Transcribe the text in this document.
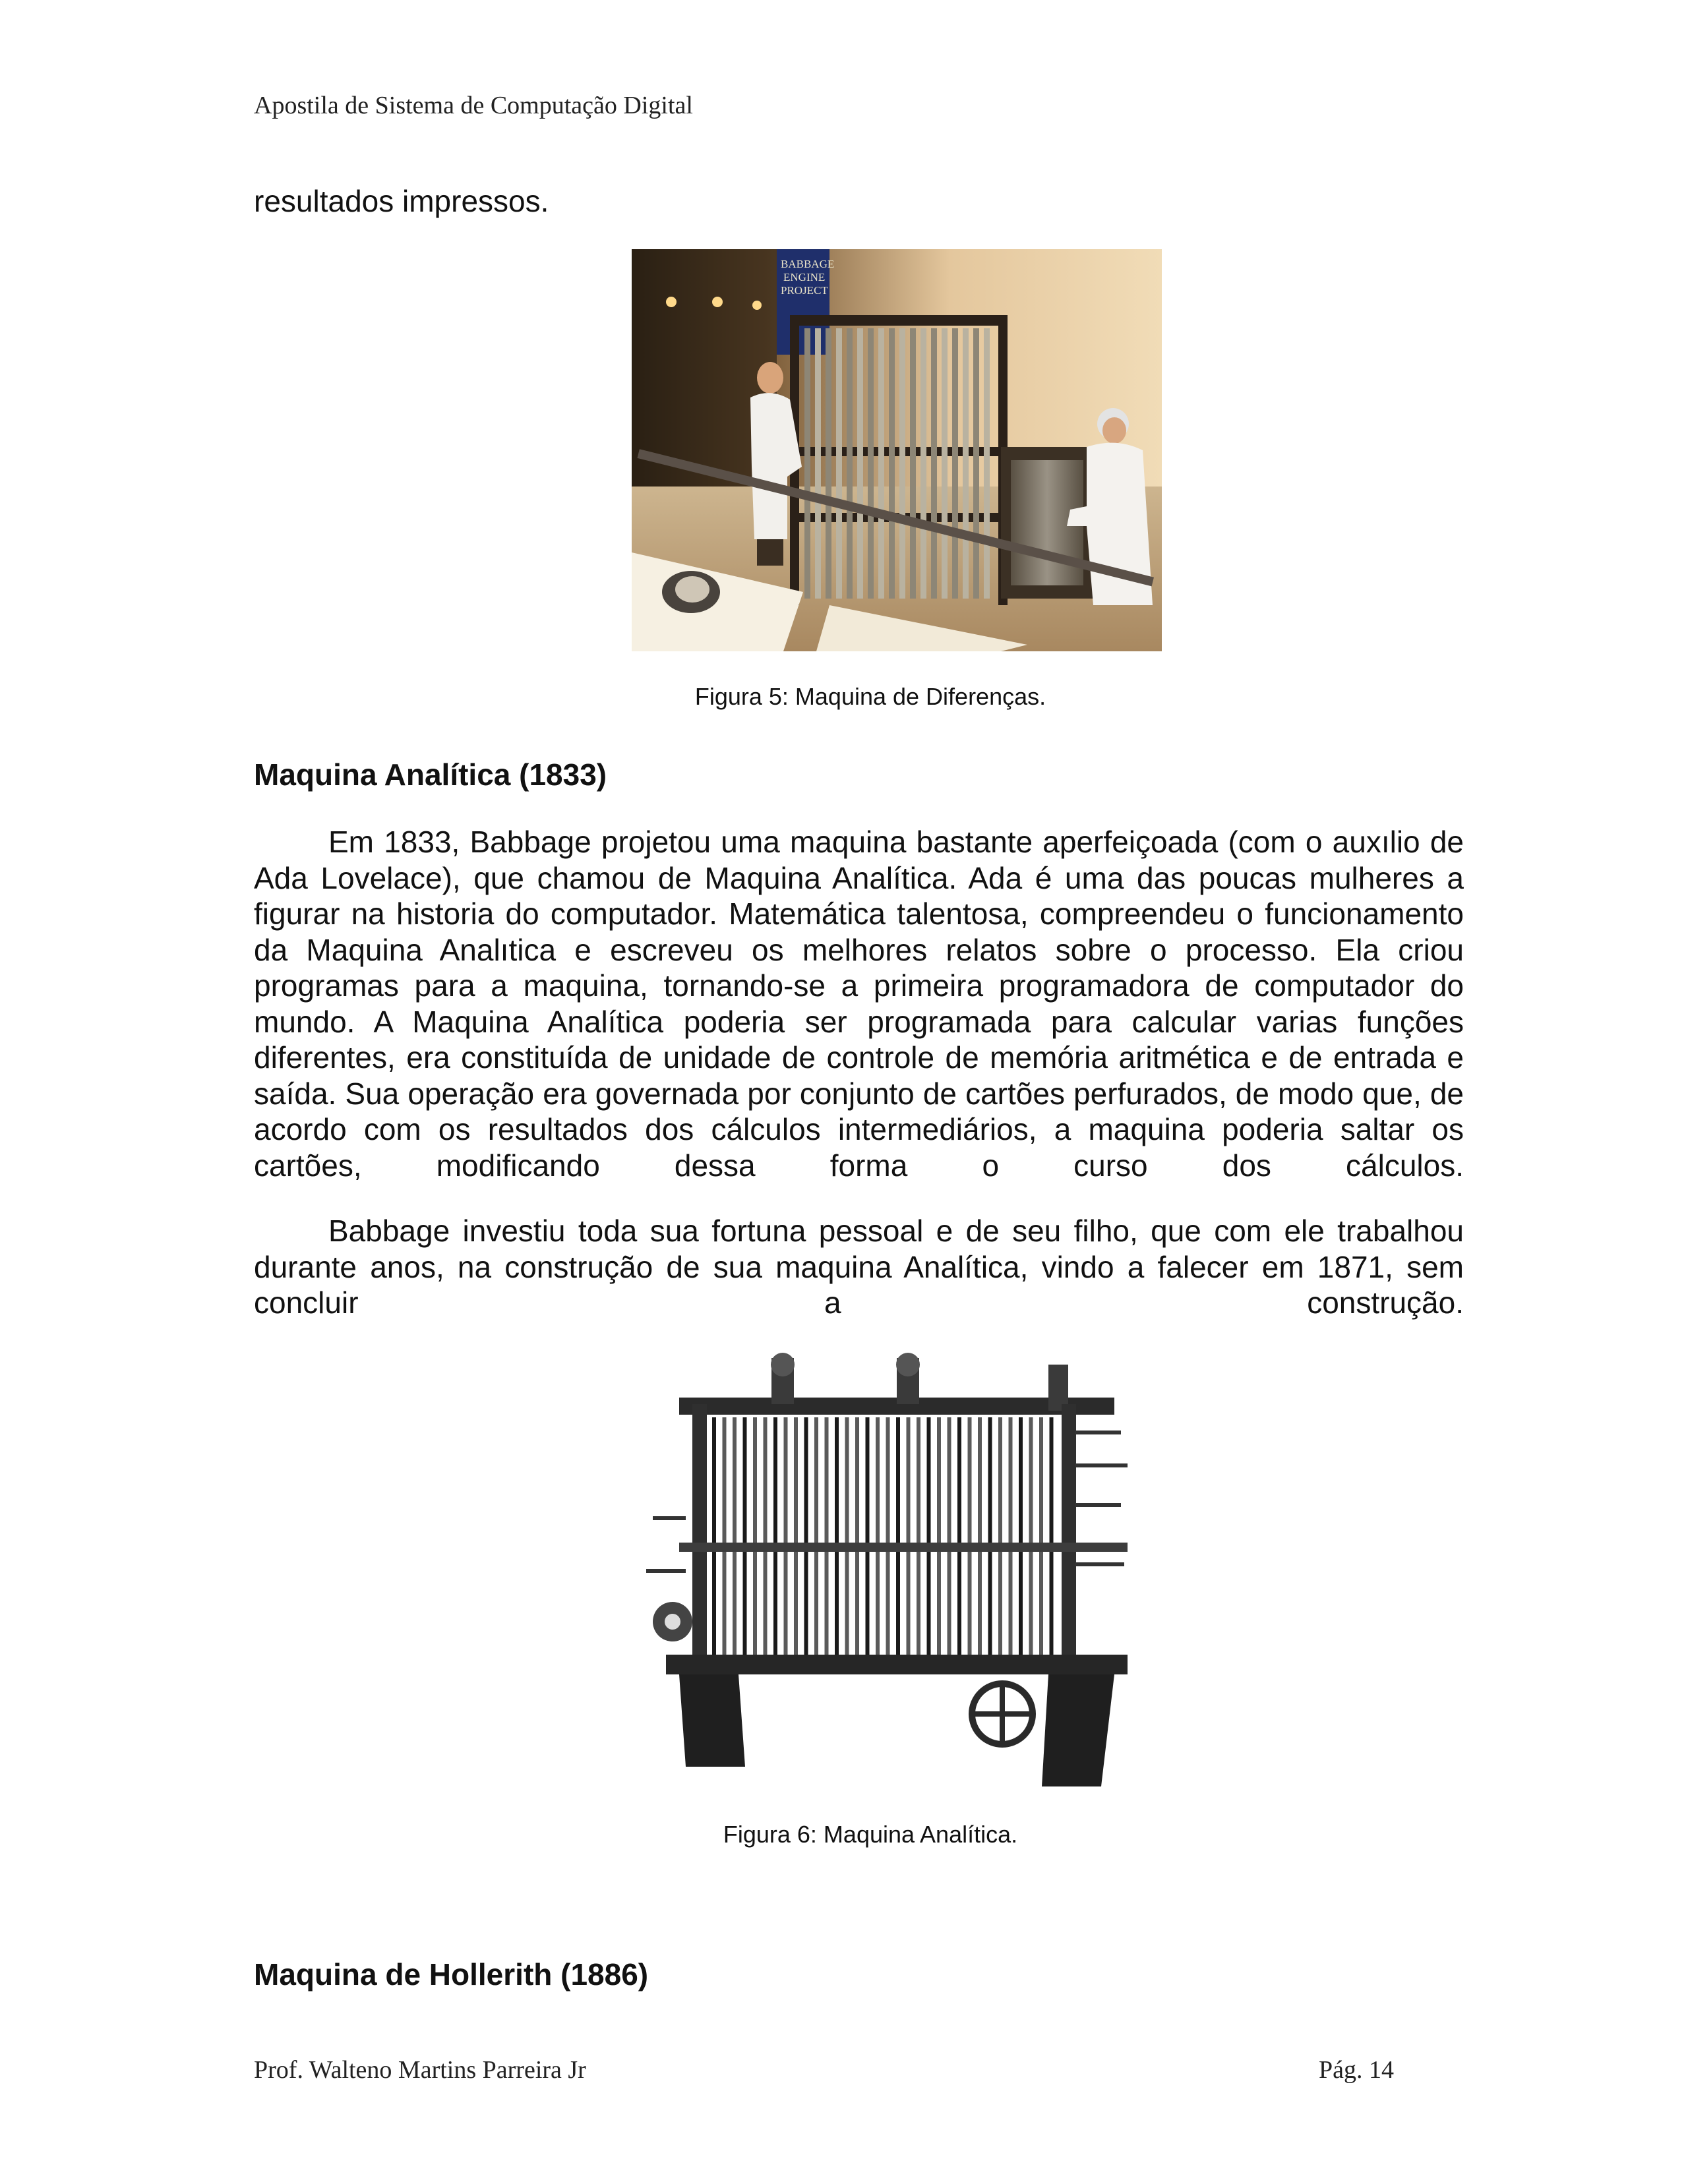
Apostila de Sistema de Computação Digital
resultados impressos.
BABBAGE
ENGINE
PROJECT
Figura 5: Maquina de Diferenças.
Maquina Analítica (1833)

Em 1833, Babbage projetou uma maquina bastante aperfeiçoada (com o auxılio de Ada Lovelace), que chamou de Maquina Analítica. Ada é uma das poucas mulheres a figurar na historia do computador. Matemática talentosa, compreendeu o funcionamento da Maquina Analıtica e escreveu os melhores relatos sobre o processo. Ela criou programas para a maquina, tornando-se a primeira programadora de computador do mundo. A Maquina Analítica poderia ser programada para calcular varias funções diferentes, era constituída de unidade de controle de memória aritmética e de entrada e saída. Sua operação era governada por conjunto de cartões perfurados, de modo que, de acordo com os resultados dos cálculos intermediários, a maquina poderia saltar os cartões, modificando dessa forma o curso dos cálculos.

Babbage investiu toda sua fortuna pessoal e de seu filho, que com ele trabalhou durante anos, na construção de sua maquina Analítica, vindo a falecer em 1871, sem concluir a construção.

Figura 6: Maquina Analítica.
Maquina de Hollerith (1886)
Prof. Walteno Martins Parreira Jr	Pág. 14
